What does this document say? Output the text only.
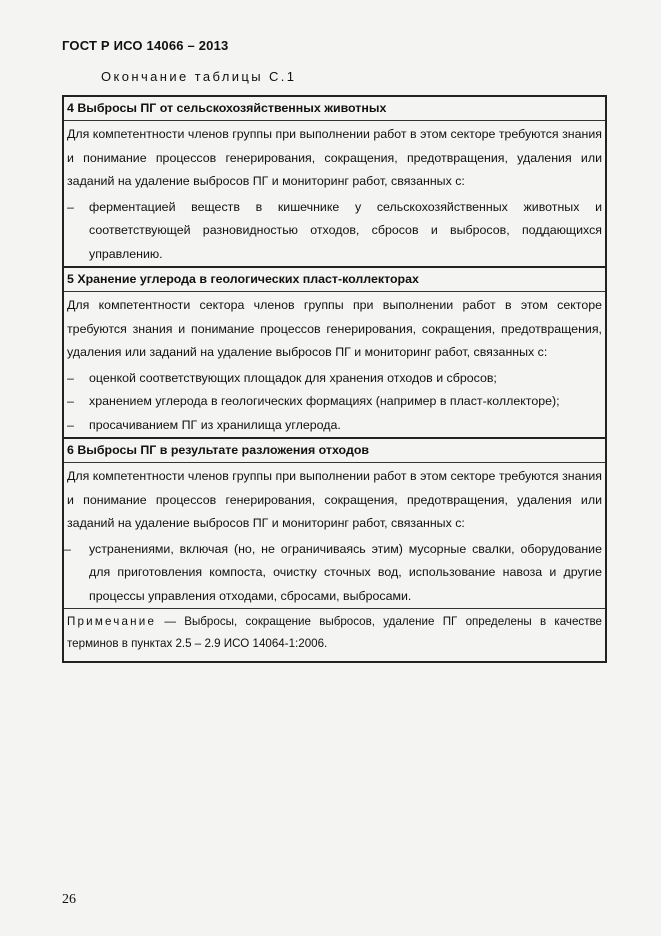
ГОСТ Р ИСО 14066 – 2013
Окончание таблицы С.1
4 Выбросы ПГ от сельскохозяйственных животных
Для компетентности членов группы при выполнении работ в этом секторе требуются знания и понимание процессов генерирования, сокращения, предотвращения, удаления или заданий на удаление выбросов ПГ и мониторинг работ, связанных с:
–	ферментацией веществ в кишечнике у сельскохозяйственных животных и соответствующей разновидностью отходов, сбросов и выбросов, поддающихся управлению.
5 Хранение углерода в геологических пласт-коллекторах
Для компетентности сектора членов группы при выполнении работ в этом секторе требуются знания и понимание процессов генерирования, сокращения, предотвращения, удаления или заданий на удаление выбросов ПГ и мониторинг работ, связанных с:
–	оценкой соответствующих площадок для хранения отходов и сбросов;
–	хранением углерода в геологических формациях (например в пласт-коллекторе);
–	просачиванием ПГ из хранилища углерода.
6 Выбросы ПГ в результате разложения отходов
Для компетентности членов группы при выполнении работ в этом секторе требуются знания и понимание процессов генерирования, сокращения, предотвращения, удаления или заданий на удаление выбросов ПГ и мониторинг работ, связанных с:
–	устранениями, включая (но, не ограничиваясь этим) мусорные свалки, оборудование для приготовления компоста, очистку сточных вод, использование навоза и другие процессы управления отходами, сбросами, выбросами.
Примечание — Выбросы, сокращение выбросов, удаление ПГ определены в качестве терминов в пунктах 2.5 – 2.9 ИСО 14064-1:2006.
26
